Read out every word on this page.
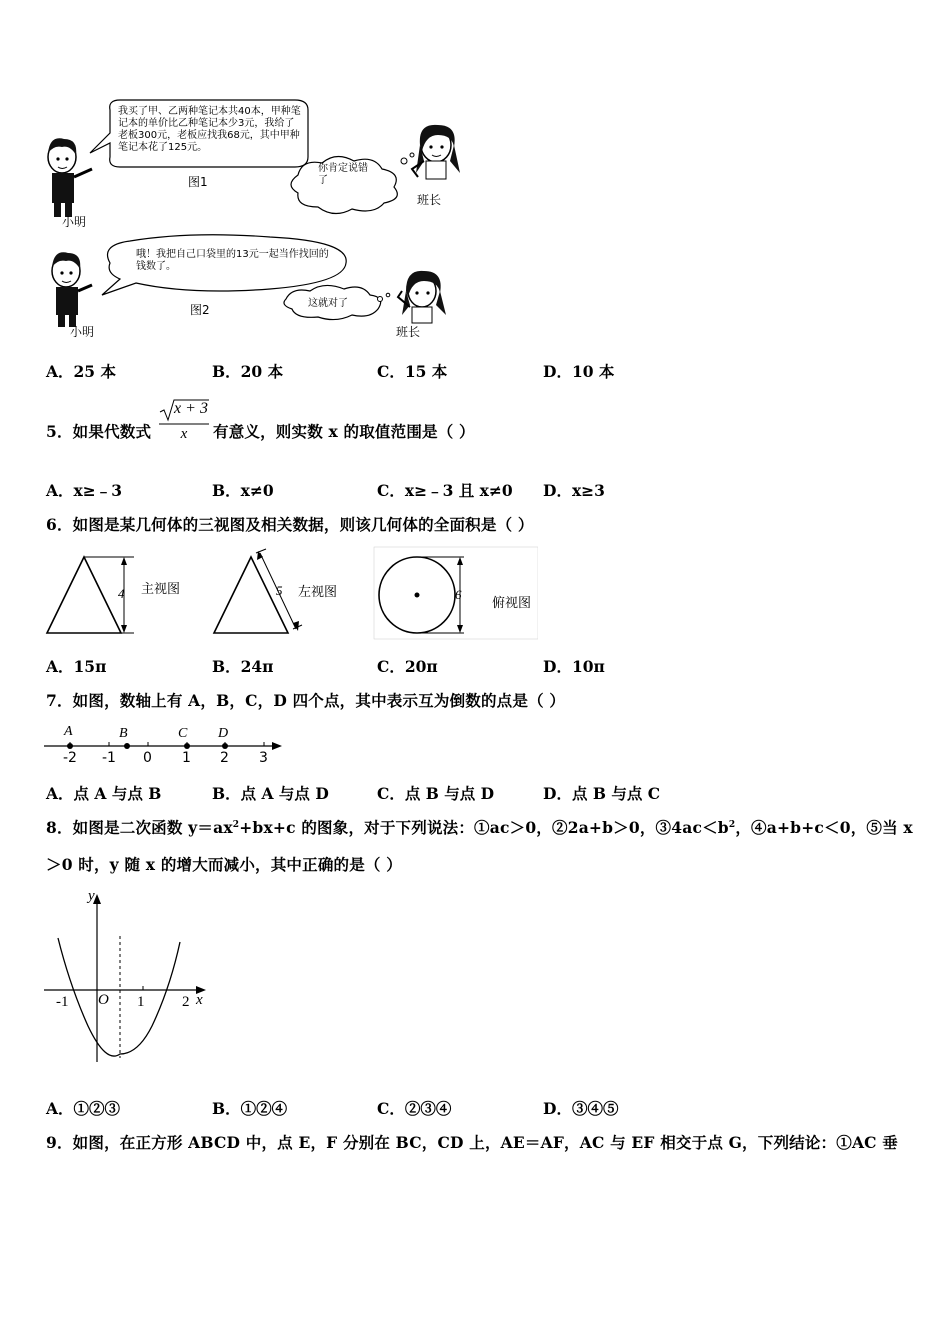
我买了甲、乙两种笔记本共40本，甲种笔记本的单价比乙种笔记本少3元，我给了老板300元，老板应找我68元，其中甲种笔记本花了125元。
你肯定说错了
图1
小明
班长
哦！我把自己口袋里的13元一起当作找回的钱数了。
这就对了
图2
小明	班长
A．25 本	B．20 本	C．15 本	D．10 本
5．如果代数式
x + 3
x	有意义，则实数 x 的取值范围是（ ）
A．x≥﹣3	B．x≠0	C．x≥﹣3 且 x≠0 D．x≥3
6．如图是某几何体的三视图及相关数据，则该几何体的全面积是（ ）
4 主视图	5 左视图	6
俯视图
A．15π	B．24π	C．20π	D．10π
7．如图，数轴上有 A，B，C，D 四个点，其中表示互为倒数的点是（ ）
A	B	C D
-2 -1 0 1 2 3
A．点 A 与点 B	B．点 A 与点 D	C．点 B 与点 D	D．点 B 与点 C
8．如图是二次函数 $y=ax^2+bx+c$ 的图象，对于下列说法：①ac＞0，②2a+b＞0，$③4ac<b^2$，④a+b+c＜0，⑤当 x
＞0 时，y 随 x 的增大而减小，其中正确的是（ ）
y
x
O
-1	1	2
A．①②③	B．①②④	C．②③④	D．③④⑤
9．如图，在正方形 ABCD 中，点 E，F 分别在 BC，CD 上，AE＝AF，AC 与 EF 相交于点 G，下列结论：①AC 垂
